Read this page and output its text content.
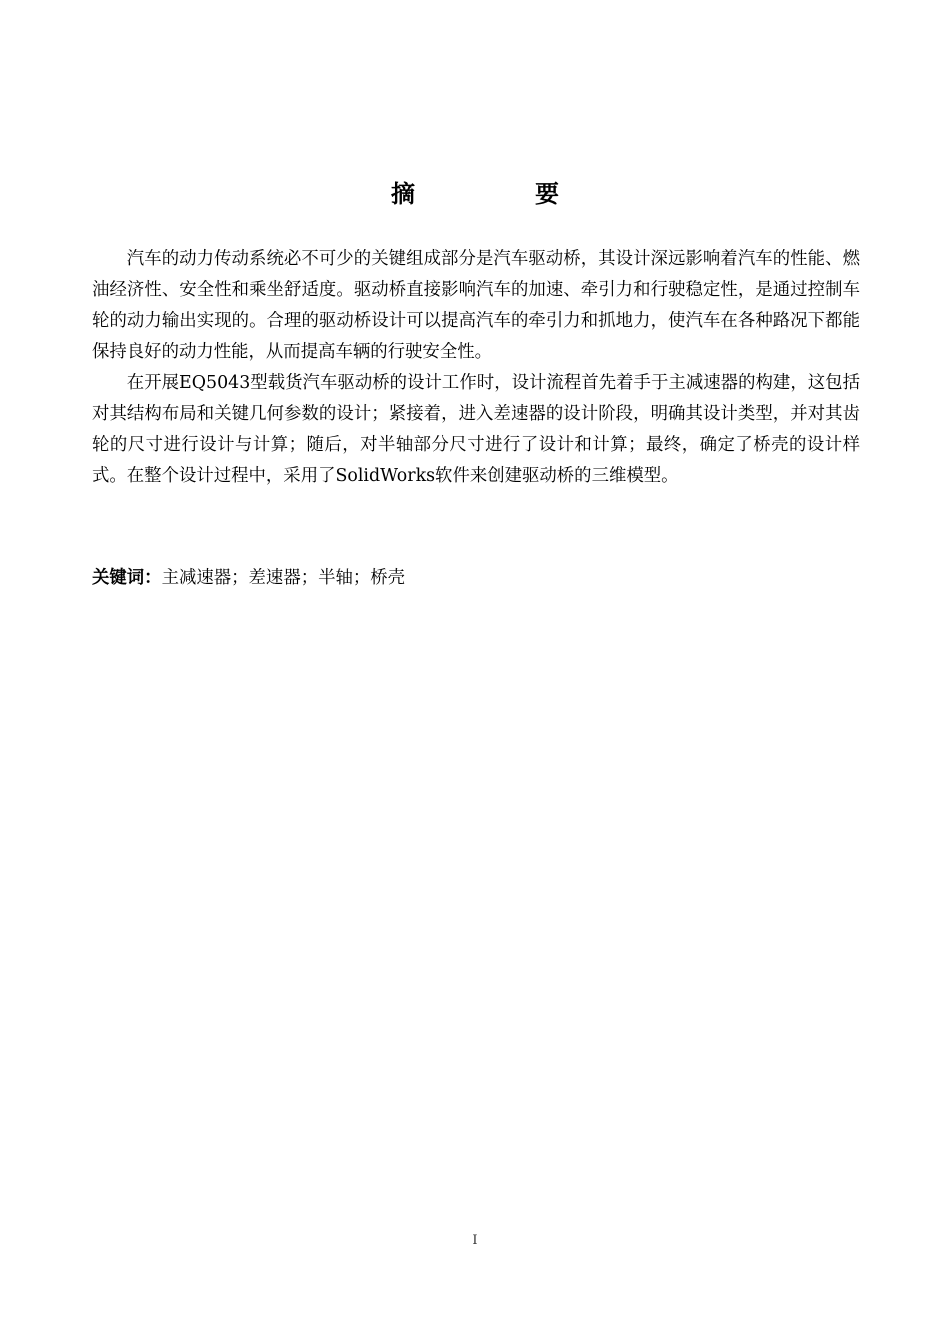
摘　要

汽车的动力传动系统必不可少的关键组成部分是汽车驱动桥，其设计深远影响着汽车的性能、燃油经济性、安全性和乘坐舒适度。驱动桥直接影响汽车的加速、牵引力和行驶稳定性，是通过控制车轮的动力输出实现的。合理的驱动桥设计可以提高汽车的牵引力和抓地力，使汽车在各种路况下都能保持良好的动力性能，从而提高车辆的行驶安全性。

在开展EQ5043型载货汽车驱动桥的设计工作时，设计流程首先着手于主减速器的构建，这包括对其结构布局和关键几何参数的设计；紧接着，进入差速器的设计阶段，明确其设计类型，并对其齿轮的尺寸进行设计与计算；随后，对半轴部分尺寸进行了设计和计算；最终，确定了桥壳的设计样式。在整个设计过程中，采用了SolidWorks软件来创建驱动桥的三维模型。

关键词：主减速器；差速器；半轴；桥壳
I
